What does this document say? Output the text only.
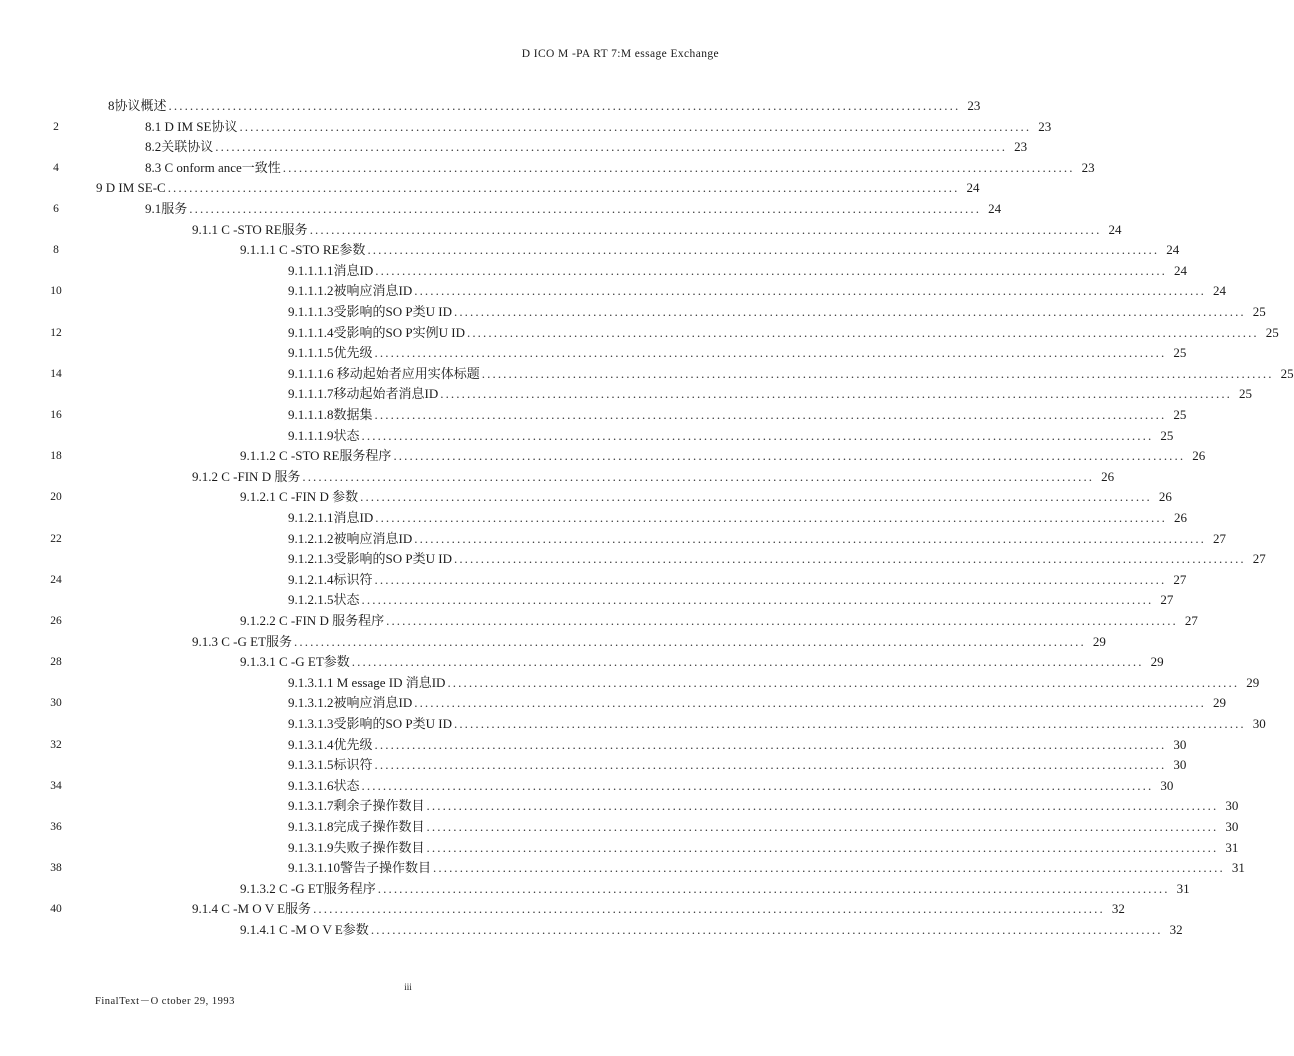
D ICO M -PA RT 7:M essage Exchange
8协议概述 .................................................................................................................................................... 23
2	8.1 D IM SE协议 .................................................................................................................................................... 23
8.2关联协议 .................................................................................................................................................... 23
4	8.3 C onform ance一致性 .................................................................................................................................................... 23
9 D IM SE-C .................................................................................................................................................... 24
6	9.1服务 .................................................................................................................................................... 24
9.1.1 C -STO RE服务 .................................................................................................................................................... 24
8	9.1.1.1 C -STO RE参数 .................................................................................................................................................... 24
9.1.1.1.1消息ID .................................................................................................................................................... 24
10	9.1.1.1.2被响应消息ID .................................................................................................................................................... 24
9.1.1.1.3受影响的SO P类U ID .................................................................................................................................................... 25
12	9.1.1.1.4受影响的SO P实例U ID .................................................................................................................................................... 25
9.1.1.1.5优先级 .................................................................................................................................................... 25
14	9.1.1.1.6 移动起始者应用实体标题 .................................................................................................................................................... 25
9.1.1.1.7移动起始者消息ID .................................................................................................................................................... 25
16	9.1.1.1.8数据集 .................................................................................................................................................... 25
9.1.1.1.9状态 .................................................................................................................................................... 25
18	9.1.1.2 C -STO RE服务程序 .................................................................................................................................................... 26
9.1.2 C -FIN D 服务 .................................................................................................................................................... 26
20	9.1.2.1 C -FIN D 参数 .................................................................................................................................................... 26
9.1.2.1.1消息ID .................................................................................................................................................... 26
22	9.1.2.1.2被响应消息ID .................................................................................................................................................... 27
9.1.2.1.3受影响的SO P类U ID .................................................................................................................................................... 27
24	9.1.2.1.4标识符 .................................................................................................................................................... 27
9.1.2.1.5状态 .................................................................................................................................................... 27
26	9.1.2.2 C -FIN D 服务程序 .................................................................................................................................................... 27
9.1.3 C -G ET服务 .................................................................................................................................................... 29
28	9.1.3.1 C -G ET参数 .................................................................................................................................................... 29
9.1.3.1.1 M essage ID 消息ID .................................................................................................................................................... 29
30	9.1.3.1.2被响应消息ID .................................................................................................................................................... 29
9.1.3.1.3受影响的SO P类U ID .................................................................................................................................................... 30
32	9.1.3.1.4优先级 .................................................................................................................................................... 30
9.1.3.1.5标识符 .................................................................................................................................................... 30
34	9.1.3.1.6状态 .................................................................................................................................................... 30
9.1.3.1.7剩余子操作数目 .................................................................................................................................................... 30
36	9.1.3.1.8完成子操作数目 .................................................................................................................................................... 30
9.1.3.1.9失败子操作数目 .................................................................................................................................................... 31
38	9.1.3.1.10警告子操作数目 .................................................................................................................................................... 31
9.1.3.2 C -G ET服务程序 .................................................................................................................................................... 31
40	9.1.4 C -M O V E服务 .................................................................................................................................................... 32
9.1.4.1 C -M O V E参数 .................................................................................................................................................... 32
iii
FinalText－O ctober 29, 1993
